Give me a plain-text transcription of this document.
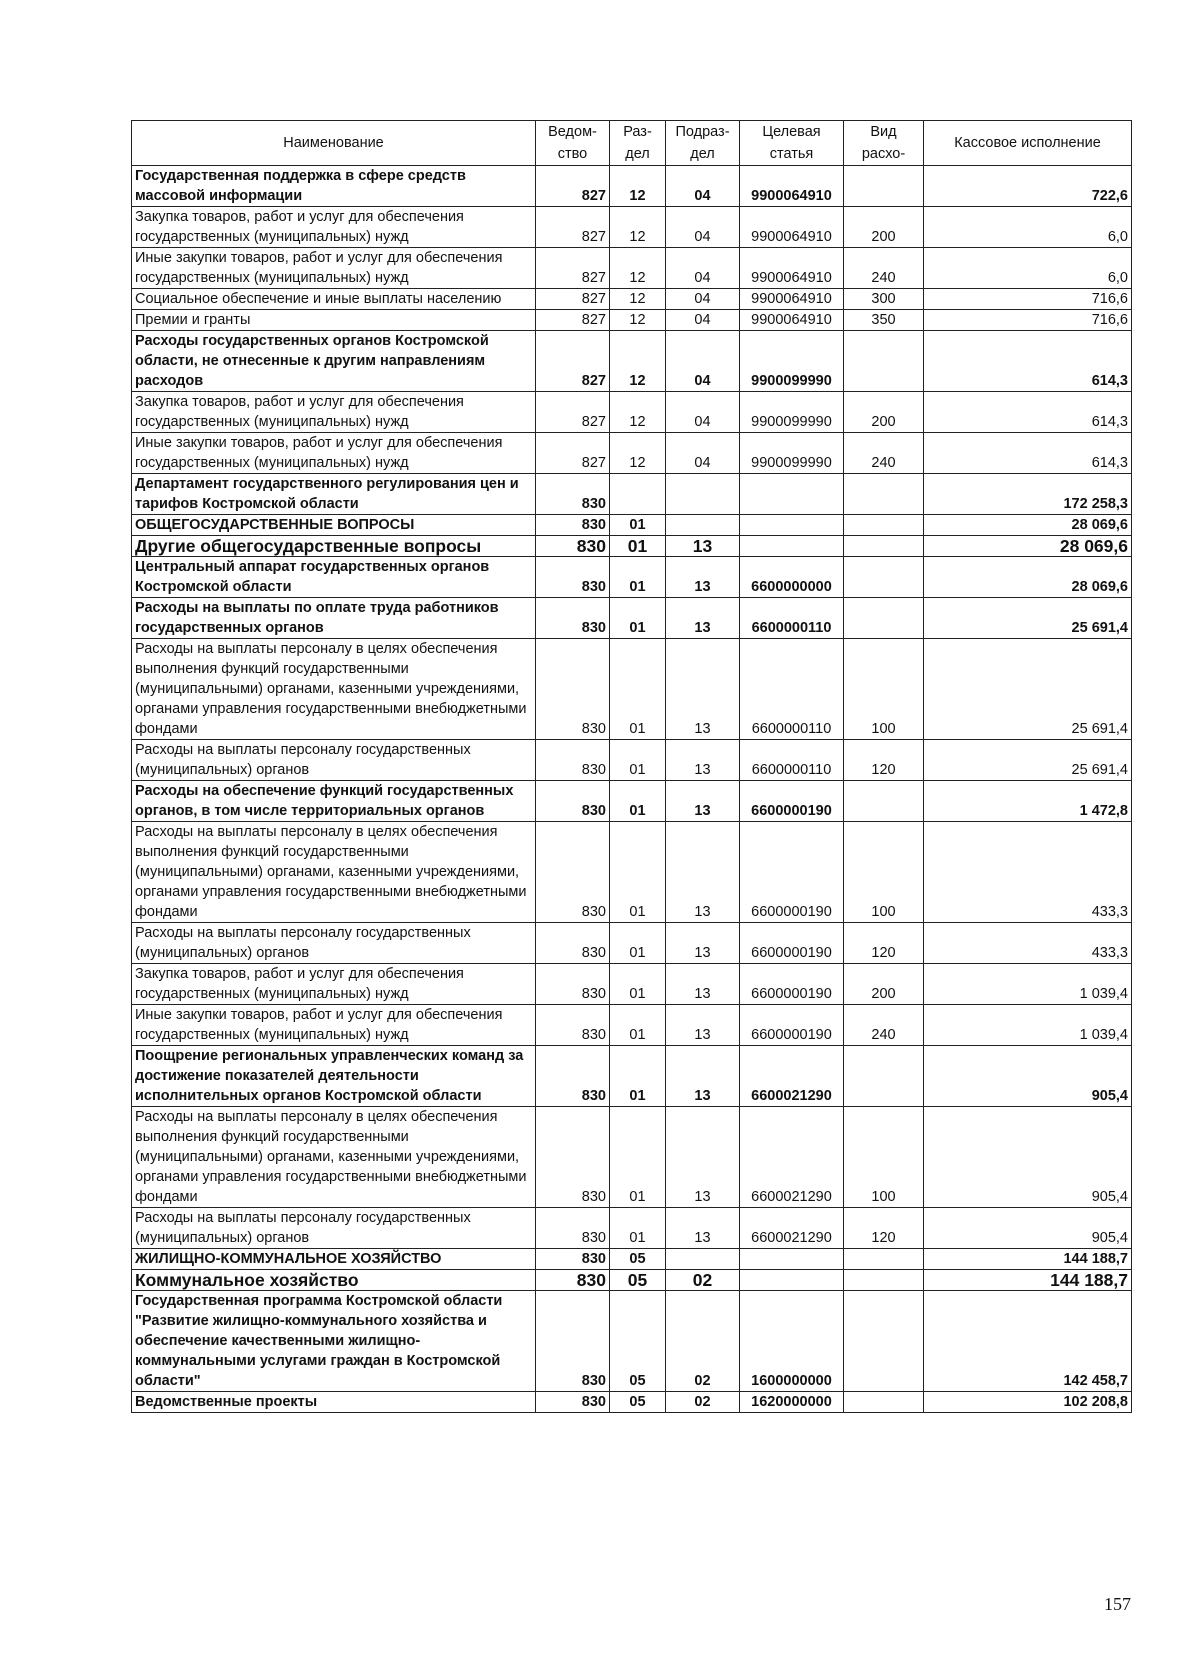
Наименование	Ведом-ство	Раз-дел	Подраз-дел	Целевая статья	Вид расхо-	Кассовое исполнение
Государственная поддержка в сфере средств массовой информации	827	12	04	9900064910		722,6
Закупка товаров, работ и услуг для обеспечения государственных (муниципальных) нужд	827	12	04	9900064910	200	6,0
Иные закупки товаров, работ и услуг для обеспечения государственных (муниципальных) нужд	827	12	04	9900064910	240	6,0
Социальное обеспечение и иные выплаты населению	827	12	04	9900064910	300	716,6
Премии и гранты	827	12	04	9900064910	350	716,6
Расходы государственных органов Костромской области, не отнесенные к другим направлениям расходов	827	12	04	9900099990		614,3
Закупка товаров, работ и услуг для обеспечения государственных (муниципальных) нужд	827	12	04	9900099990	200	614,3
Иные закупки товаров, работ и услуг для обеспечения государственных (муниципальных) нужд	827	12	04	9900099990	240	614,3
Департамент государственного регулирования цен и тарифов Костромской области	830					172 258,3
ОБЩЕГОСУДАРСТВЕННЫЕ ВОПРОСЫ	830	01				28 069,6
Другие общегосударственные вопросы	830	01	13			28 069,6
Центральный аппарат государственных органов Костромской области	830	01	13	6600000000		28 069,6
Расходы на выплаты по оплате труда работников государственных органов	830	01	13	6600000110		25 691,4
Расходы на выплаты персоналу в целях обеспечения выполнения функций государственными (муниципальными) органами, казенными учреждениями, органами управления государственными внебюджетными фондами	830	01	13	6600000110	100	25 691,4
Расходы на выплаты персоналу государственных (муниципальных) органов	830	01	13	6600000110	120	25 691,4
Расходы на обеспечение функций государственных органов, в том числе территориальных органов	830	01	13	6600000190		1 472,8
Расходы на выплаты персоналу в целях обеспечения выполнения функций государственными (муниципальными) органами, казенными учреждениями, органами управления государственными внебюджетными фондами	830	01	13	6600000190	100	433,3
Расходы на выплаты персоналу государственных (муниципальных) органов	830	01	13	6600000190	120	433,3
Закупка товаров, работ и услуг для обеспечения государственных (муниципальных) нужд	830	01	13	6600000190	200	1 039,4
Иные закупки товаров, работ и услуг для обеспечения государственных (муниципальных) нужд	830	01	13	6600000190	240	1 039,4
Поощрение региональных управленческих команд за достижение показателей деятельности исполнительных органов Костромской области	830	01	13	6600021290		905,4
Расходы на выплаты персоналу в целях обеспечения выполнения функций государственными (муниципальными) органами, казенными учреждениями, органами управления государственными внебюджетными фондами	830	01	13	6600021290	100	905,4
Расходы на выплаты персоналу государственных (муниципальных) органов	830	01	13	6600021290	120	905,4
ЖИЛИЩНО-КОММУНАЛЬНОЕ ХОЗЯЙСТВО	830	05				144 188,7
Коммунальное хозяйство	830	05	02			144 188,7
Государственная программа Костромской области "Развитие жилищно-коммунального хозяйства и обеспечение качественными жилищно-коммунальными услугами граждан в Костромской области"	830	05	02	1600000000		142 458,7
Ведомственные проекты	830	05	02	1620000000		102 208,8
157
